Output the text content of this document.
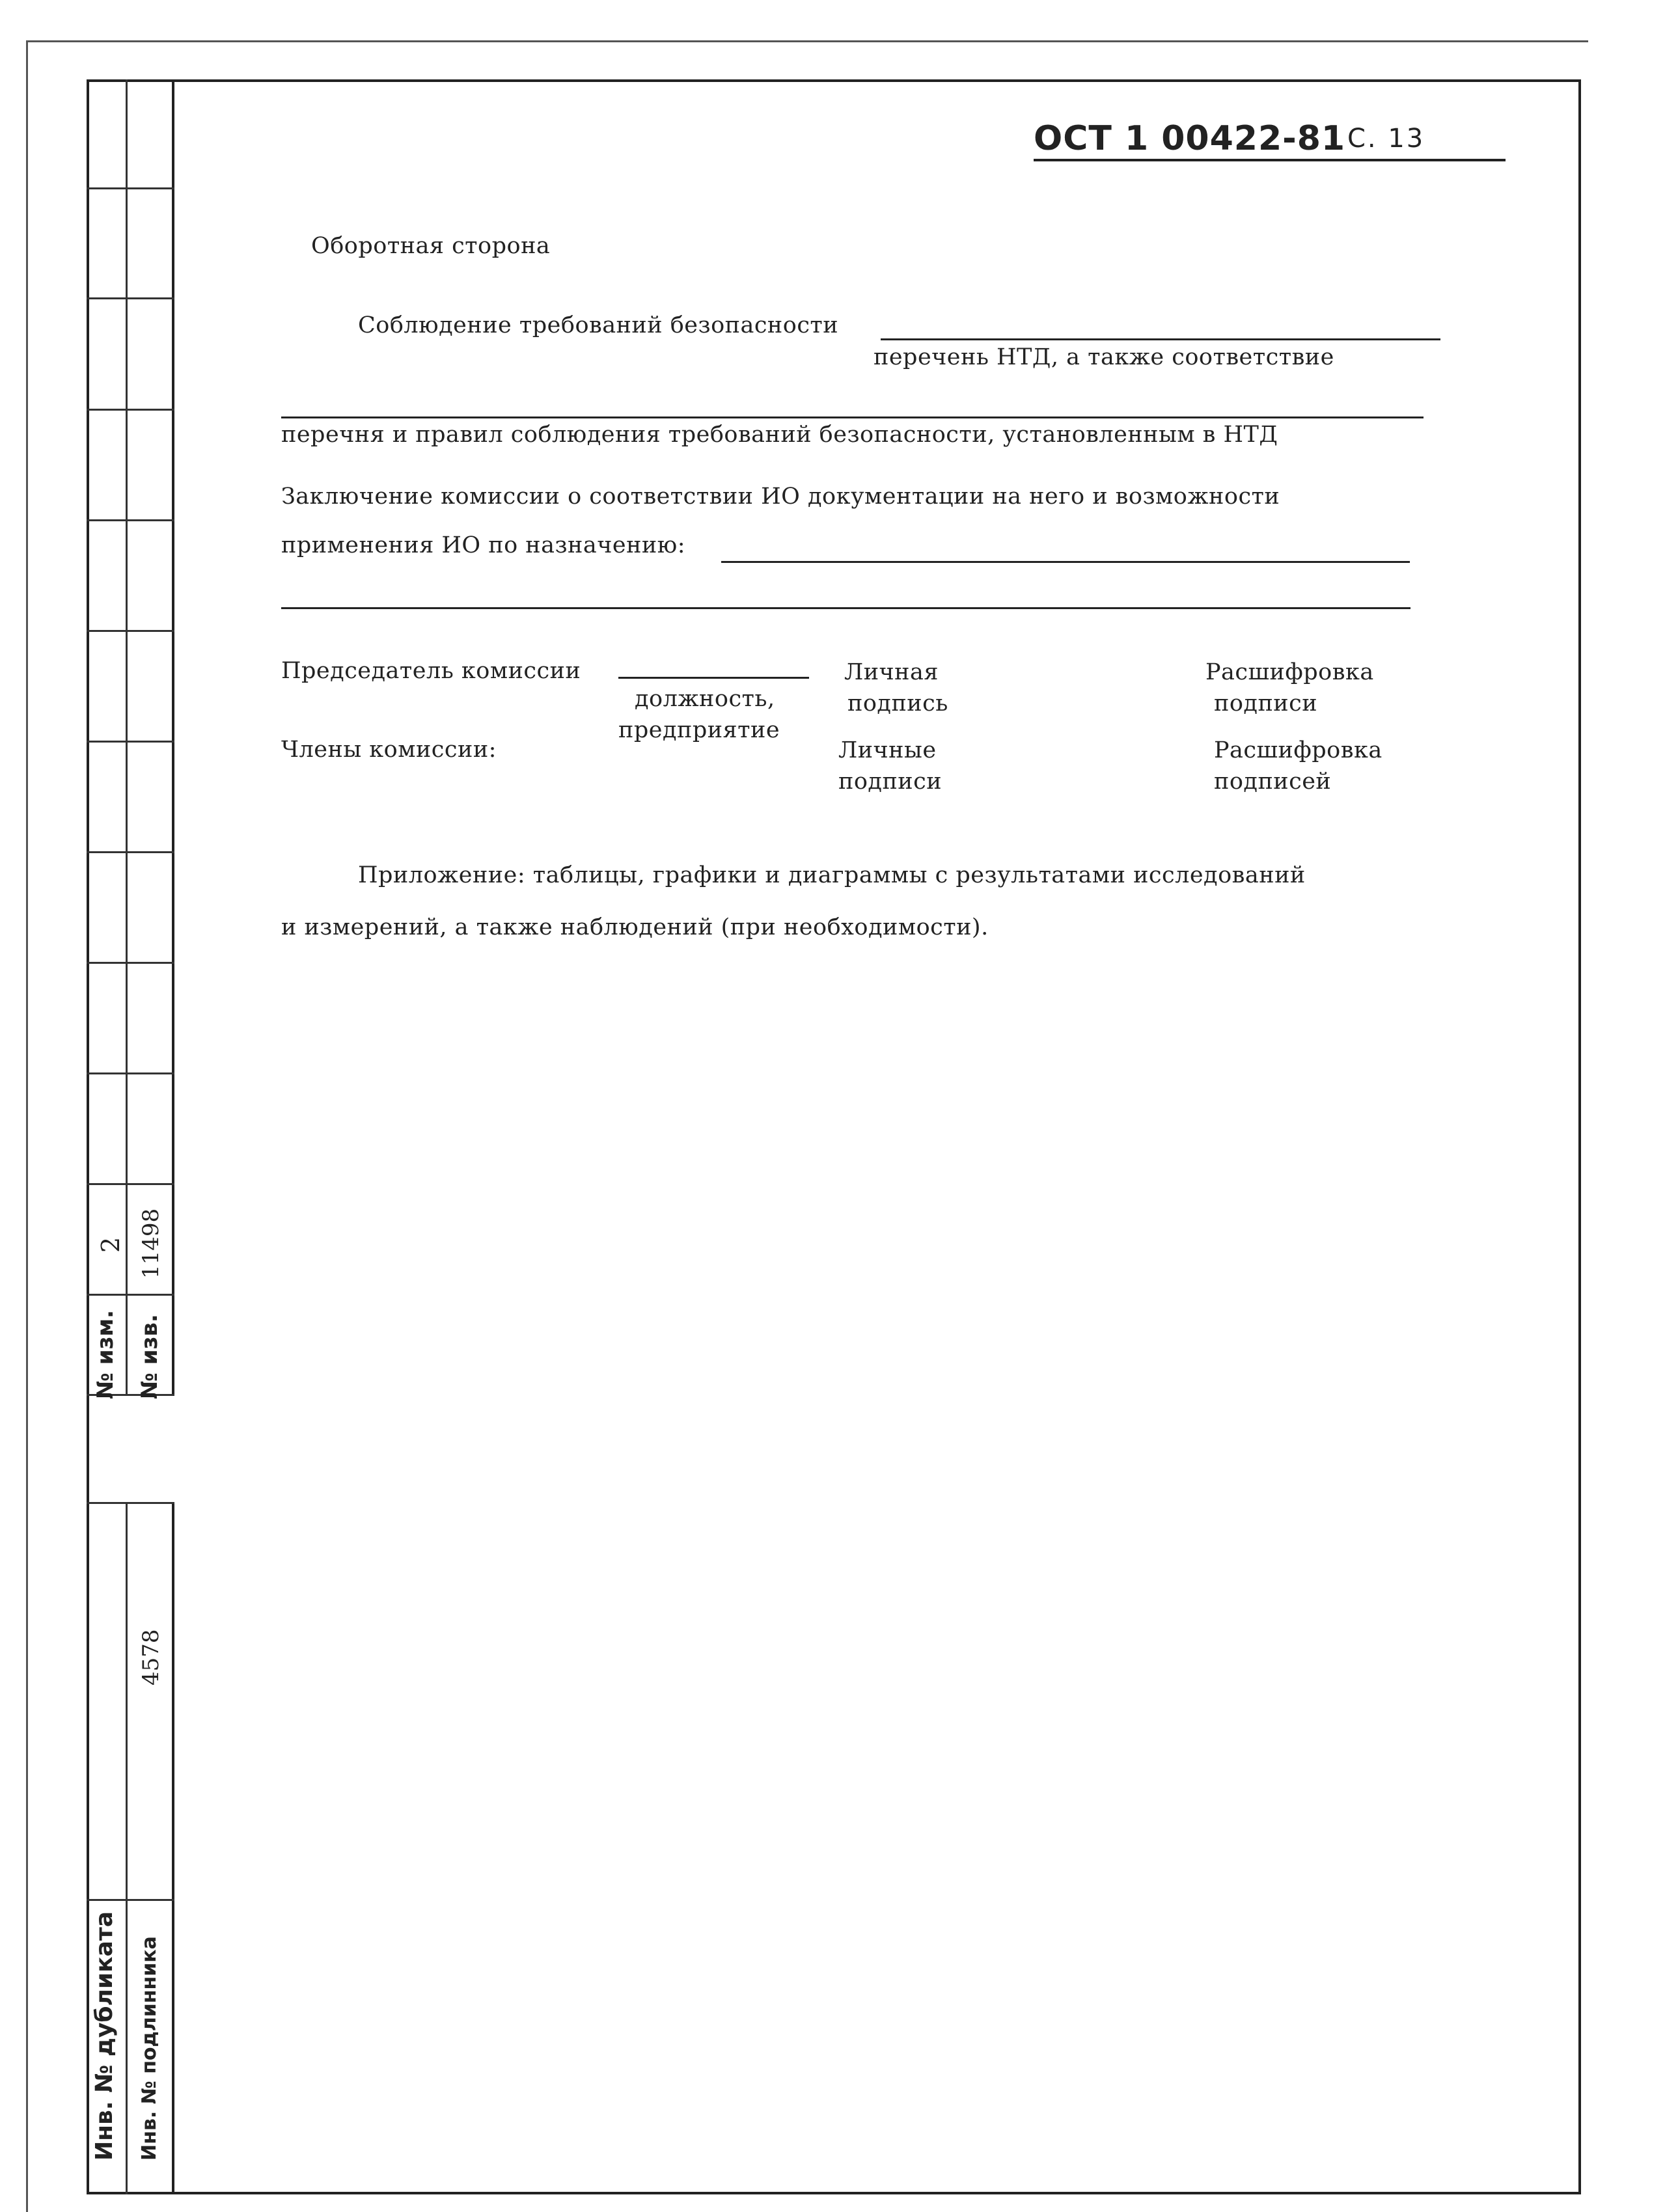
№ изм.
2
№ изв.
11498
4578
Инв. № дубликата Инв. № подлинника
ОСТ 1 00422-81 С. 13
Оборотная сторона
Соблюдение требований безопасности
перечень НТД, а также соответствие
перечня и правил соблюдения требований безопасности, установленным в НТД
Заключение комиссии о соответствии ИО документации на него и возможности
применения ИО по назначению:
Председатель комиссии
должность,
предприятие
Личная
подпись
Расшифровка
подписи
Члены комиссии:	Личные
подписи
Расшифровка
подписей
Приложение: таблицы, графики и диаграммы с результатами исследований
и измерений, а также наблюдений (при необходимости).
